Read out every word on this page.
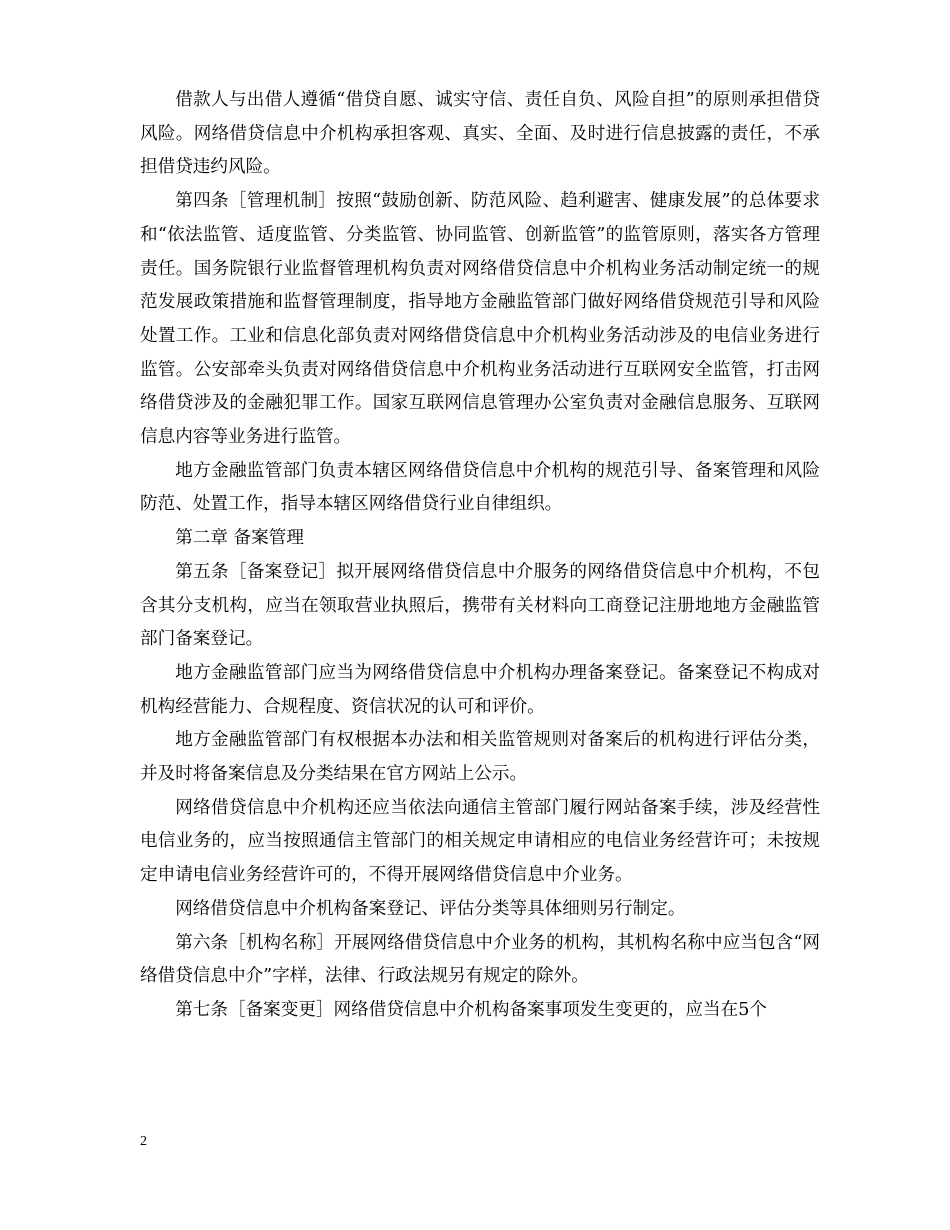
借款人与出借人遵循“借贷自愿、诚实守信、责任自负、风险自担”的原则承担借贷风险。网络借贷信息中介机构承担客观、真实、全面、及时进行信息披露的责任，不承担借贷违约风险。

第四条［管理机制］按照“鼓励创新、防范风险、趋利避害、健康发展”的总体要求和“依法监管、适度监管、分类监管、协同监管、创新监管”的监管原则，落实各方管理责任。国务院银行业监督管理机构负责对网络借贷信息中介机构业务活动制定统一的规范发展政策措施和监督管理制度，指导地方金融监管部门做好网络借贷规范引导和风险处置工作。工业和信息化部负责对网络借贷信息中介机构业务活动涉及的电信业务进行监管。公安部牵头负责对网络借贷信息中介机构业务活动进行互联网安全监管，打击网络借贷涉及的金融犯罪工作。国家互联网信息管理办公室负责对金融信息服务、互联网信息内容等业务进行监管。

地方金融监管部门负责本辖区网络借贷信息中介机构的规范引导、备案管理和风险防范、处置工作，指导本辖区网络借贷行业自律组织。

第二章 备案管理

第五条［备案登记］拟开展网络借贷信息中介服务的网络借贷信息中介机构，不包含其分支机构，应当在领取营业执照后，携带有关材料向工商登记注册地地方金融监管部门备案登记。

地方金融监管部门应当为网络借贷信息中介机构办理备案登记。备案登记不构成对机构经营能力、合规程度、资信状况的认可和评价。

地方金融监管部门有权根据本办法和相关监管规则对备案后的机构进行评估分类，并及时将备案信息及分类结果在官方网站上公示。

网络借贷信息中介机构还应当依法向通信主管部门履行网站备案手续，涉及经营性电信业务的，应当按照通信主管部门的相关规定申请相应的电信业务经营许可；未按规定申请电信业务经营许可的，不得开展网络借贷信息中介业务。

网络借贷信息中介机构备案登记、评估分类等具体细则另行制定。

第六条［机构名称］开展网络借贷信息中介业务的机构，其机构名称中应当包含“网络借贷信息中介”字样，法律、行政法规另有规定的除外。

第七条［备案变更］网络借贷信息中介机构备案事项发生变更的，应当在5个

2
